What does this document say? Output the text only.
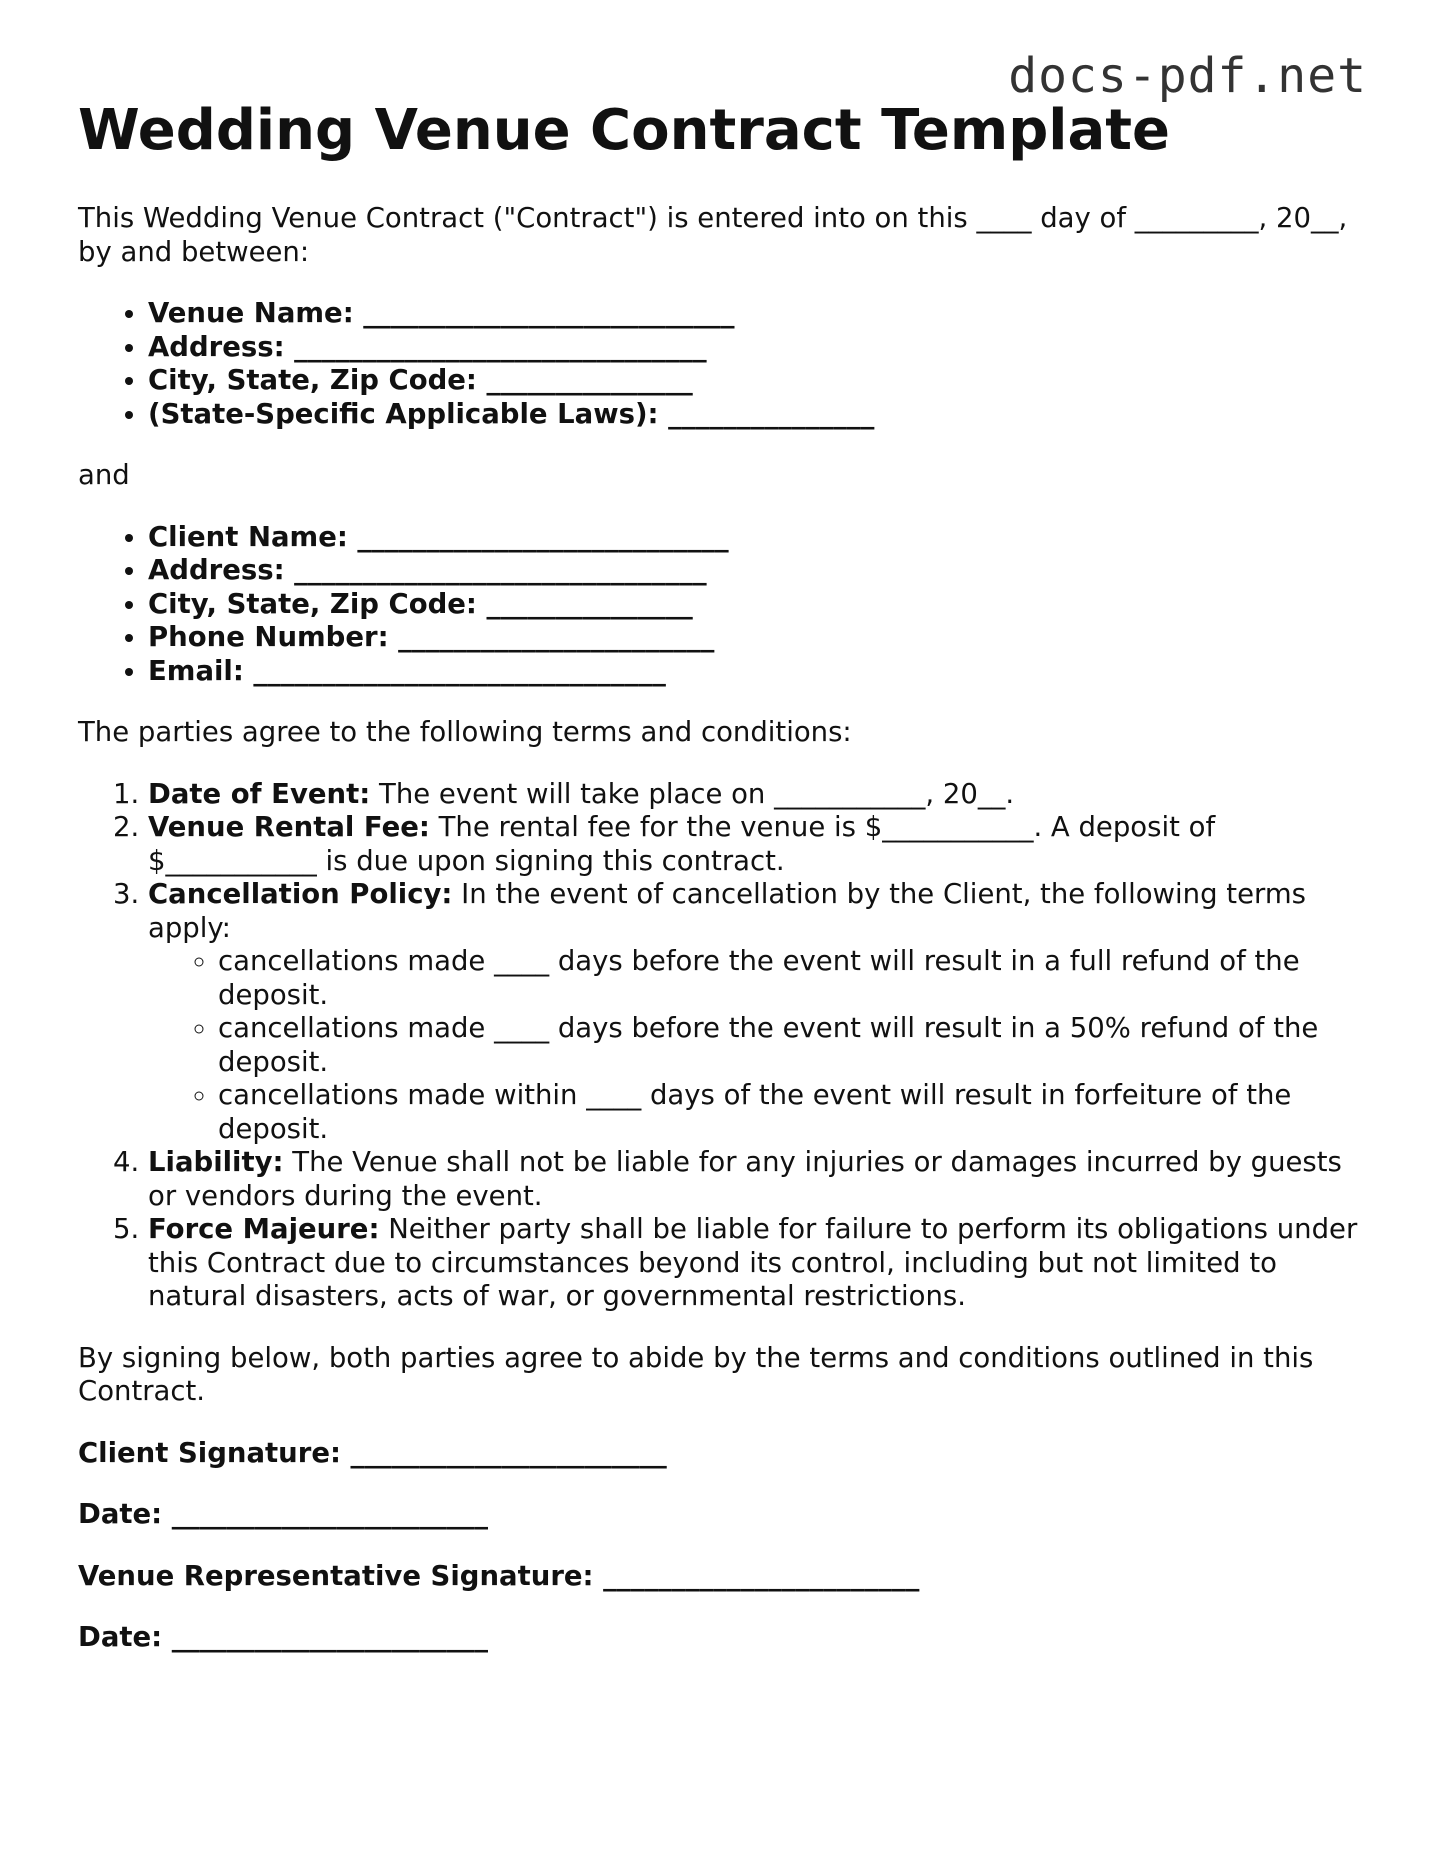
docs-pdf.net
Wedding Venue Contract Template

This Wedding Venue Contract ("Contract") is entered into on this ____ day of _________, 20__, by and between:

• Venue Name: ___________________________
• Address: ______________________________
• City, State, Zip Code: _______________
• (State-Specific Applicable Laws): _______________

and

• Client Name: ___________________________
• Address: ______________________________
• City, State, Zip Code: _______________
• Phone Number: _______________________
• Email: ______________________________

The parties agree to the following terms and conditions:

1. Date of Event: The event will take place on ___________, 20__.
2. Venue Rental Fee: The rental fee for the venue is $___________. A deposit of $___________ is due upon signing this contract.
3. Cancellation Policy: In the event of cancellation by the Client, the following terms apply:
◦ cancellations made ____ days before the event will result in a full refund of the deposit.
◦ cancellations made ____ days before the event will result in a 50% refund of the deposit.
◦ cancellations made within ____ days of the event will result in forfeiture of the deposit.
4. Liability: The Venue shall not be liable for any injuries or damages incurred by guests or vendors during the event.
5. Force Majeure: Neither party shall be liable for failure to perform its obligations under this Contract due to circumstances beyond its control, including but not limited to natural disasters, acts of war, or governmental restrictions.

By signing below, both parties agree to abide by the terms and conditions outlined in this Contract.

Client Signature: _______________________

Date: _______________________

Venue Representative Signature: _______________________

Date: _______________________
